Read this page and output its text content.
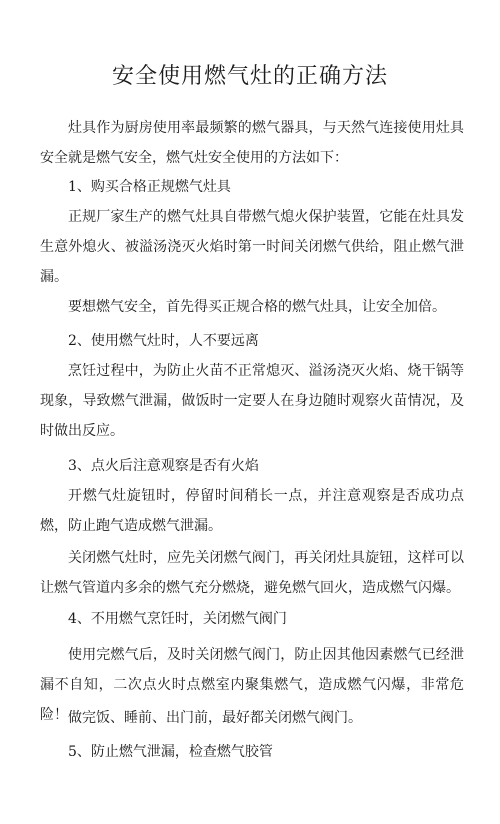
安全使用燃气灶的正确方法

灶具作为厨房使用率最频繁的燃气器具，与天然气连接使用灶具安全就是燃气安全，燃气灶安全使用的方法如下：

1、购买合格正规燃气灶具

正规厂家生产的燃气灶具自带燃气熄火保护装置，它能在灶具发生意外熄火、被溢汤浇灭火焰时第一时间关闭燃气供给，阻止燃气泄漏。

要想燃气安全，首先得买正规合格的燃气灶具，让安全加倍。

2、使用燃气灶时，人不要远离

烹饪过程中，为防止火苗不正常熄灭、溢汤浇灭火焰、烧干锅等现象，导致燃气泄漏，做饭时一定要人在身边随时观察火苗情况，及时做出反应。

3、点火后注意观察是否有火焰

开燃气灶旋钮时，停留时间稍长一点，并注意观察是否成功点燃，防止跑气造成燃气泄漏。

关闭燃气灶时，应先关闭燃气阀门，再关闭灶具旋钮，这样可以让燃气管道内多余的燃气充分燃烧，避免燃气回火，造成燃气闪爆。

4、不用燃气烹饪时，关闭燃气阀门

使用完燃气后，及时关闭燃气阀门，防止因其他因素燃气已经泄漏不自知，二次点火时点燃室内聚集燃气，造成燃气闪爆，非常危险！ 做完饭、睡前、出门前，最好都关闭燃气阀门。

5、防止燃气泄漏，检查燃气胶管
